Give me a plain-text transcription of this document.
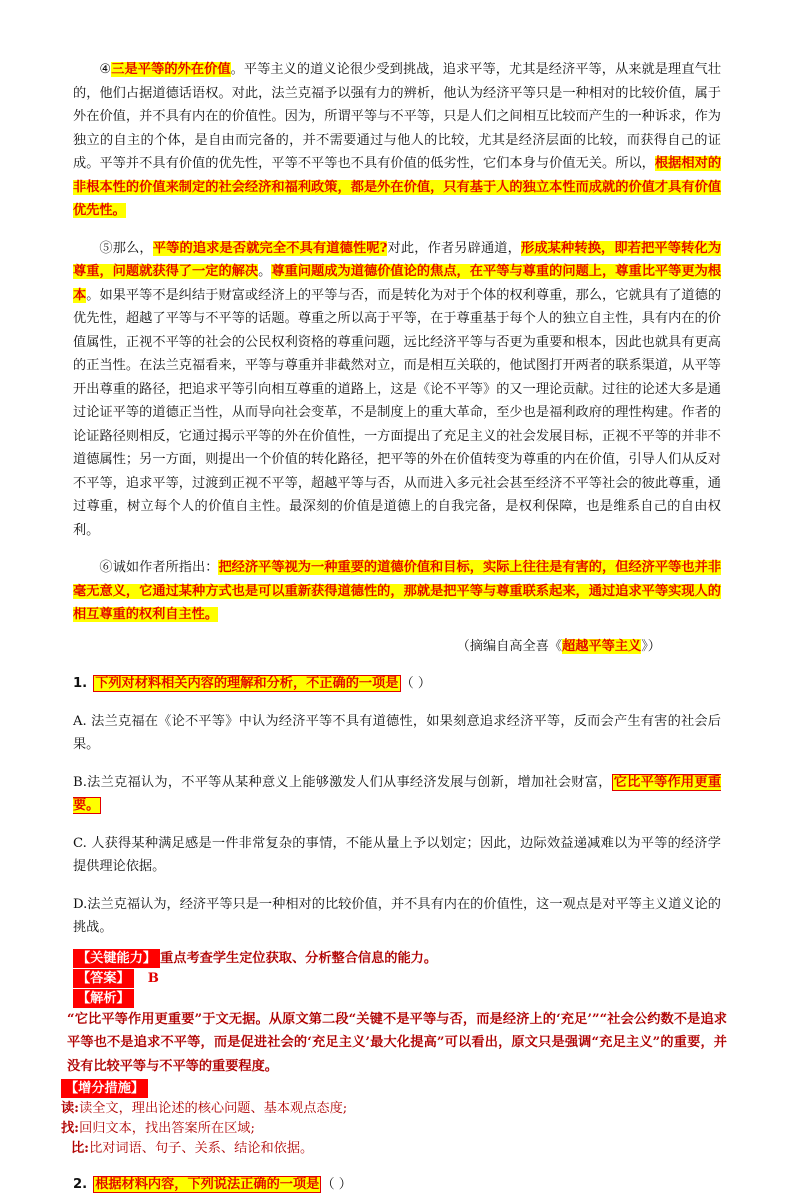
④三是平等的外在价值。平等主义的道义论很少受到挑战，追求平等，尤其是经济平等，从来就是理直气壮的，他们占据道德话语权。对此，法兰克福予以强有力的辨析，他认为经济平等只是一种相对的比较价值，属于外在价值，并不具有内在的价值性。因为，所谓平等与不平等，只是人们之间相互比较而产生的一种诉求，作为独立的自主的个体，是自由而完备的，并不需要通过与他人的比较，尤其是经济层面的比较，而获得自己的证成。平等并不具有价值的优先性，平等不平等也不具有价值的低劣性，它们本身与价值无关。所以，根据相对的非根本性的价值来制定的社会经济和福利政策，都是外在价值，只有基于人的独立本性而成就的价值才具有价值优先性。

⑤那么，平等的追求是否就完全不具有道德性呢?对此，作者另辟通道，形成某种转换，即若把平等转化为尊重，问题就获得了一定的解决。尊重问题成为道德价值论的焦点，在平等与尊重的问题上，尊重比平等更为根本。如果平等不是纠结于财富或经济上的平等与否，而是转化为对于个体的权利尊重，那么，它就具有了道德的优先性，超越了平等与不平等的话题。尊重之所以高于平等，在于尊重基于每个人的独立自主性，具有内在的价值属性，正视不平等的社会的公民权利资格的尊重问题，远比经济平等与否更为重要和根本，因此也就具有更高的正当性。在法兰克福看来，平等与尊重并非截然对立，而是相互关联的，他试图打开两者的联系渠道，从平等开出尊重的路径，把追求平等引向相互尊重的道路上，这是《论不平等》的又一理论贡献。过往的论述大多是通过论证平等的道德正当性，从而导向社会变革，不是制度上的重大革命，至少也是福利政府的理性构建。作者的论证路径则相反，它通过揭示平等的外在价值性，一方面提出了充足主义的社会发展目标，正视不平等的并非不道德属性；另一方面，则提出一个价值的转化路径，把平等的外在价值转变为尊重的内在价值，引导人们从反对不平等，追求平等，过渡到正视不平等，超越平等与否，从而进入多元社会甚至经济不平等社会的彼此尊重，通过尊重，树立每个人的价值自主性。最深刻的价值是道德上的自我完备，是权利保障，也是维系自己的自由权利。

⑥诚如作者所指出：把经济平等视为一种重要的道德价值和目标，实际上往往是有害的，但经济平等也并非毫无意义，它通过某种方式也是可以重新获得道德性的，那就是把平等与尊重联系起来，通过追求平等实现人的相互尊重的权利自主性。

（摘编自高全喜《超越平等主义》）

1. 下列对材料相关内容的理解和分析，不正确的一项是 （ ）

A. 法兰克福在《论不平等》中认为经济平等不具有道德性，如果刻意追求经济平等，反而会产生有害的社会后果。

B.法兰克福认为，不平等从某种意义上能够激发人们从事经济发展与创新，增加社会财富， 它比平等作用更重要。

C. 人获得某种满足感是一件非常复杂的事情，不能从量上予以划定；因此，边际效益递减难以为平等的经济学提供理论依据。

D.法兰克福认为，经济平等只是一种相对的比较价值，并不具有内在的价值性，这一观点是对平等主义道义论的挑战。

【关键能力】 重点考查学生定位获取、分析整合信息的能力。

【答案】 B

【解析】

“它比平等作用更重要”于文无据。从原文第二段“关键不是平等与否，而是经济上的‘充足’”“社会公约数不是追求平等也不是追求不平等，而是促进社会的‘充足主义’最大化提高”可以看出，原文只是强调“充足主义”的重要，并 没有比较平等与不平等的重要程度。

【增分措施】

读:读全文，理出论述的核心问题、基本观点态度;

找:回归文本，找出答案所在区域;

比:比对词语、句子、关系、结论和依据。

2. 根据材料内容，下列说法正确的一项是 （ ）
